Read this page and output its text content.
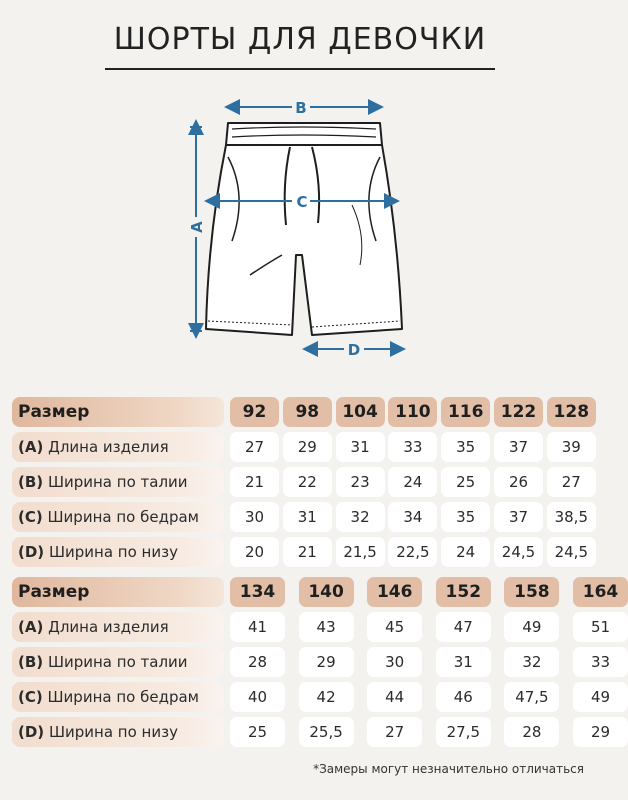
ШОРТЫ ДЛЯ ДЕВОЧКИ
B
C
A
D
Размер	92	98	104	110	116	122	128
(A) Длина изделия	27	29	31	33	35	37	39
(B) Ширина по талии	21	22	23	24	25	26	27
(C) Ширина по бедрам	30	31	32	34	35	37	38,5
(D) Ширина по низу	20	21	21,5	22,5	24	24,5	24,5
Размер	134	140	146	152	158	164
(A) Длина изделия	41	43	45	47	49	51
(B) Ширина по талии	28	29	30	31	32	33
(C) Ширина по бедрам	40	42	44	46	47,5	49
(D) Ширина по низу	25	25,5	27	27,5	28	29
*Замеры могут незначительно отличаться
